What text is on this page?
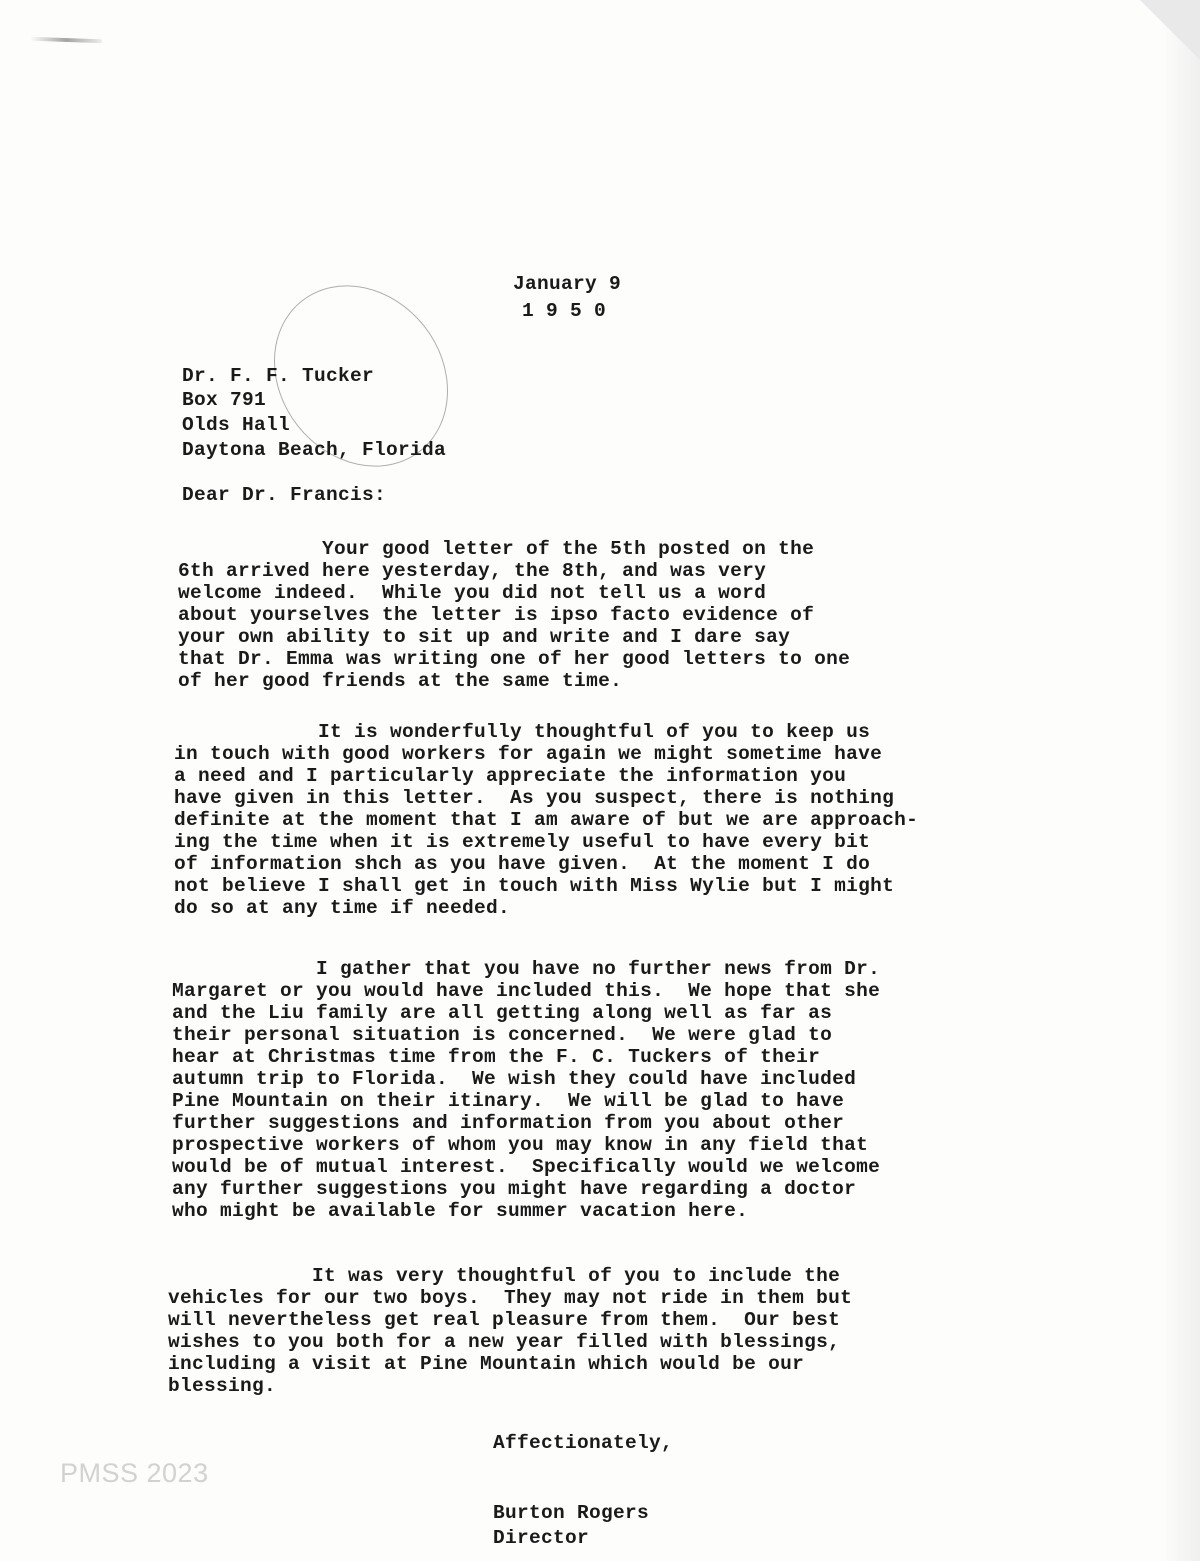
January 9
1 9 5 0
Dr. F. F. Tucker
Box 791
Olds Hall
Daytona Beach, Florida
Dear Dr. Francis:
Your good letter of the 5th posted on the
6th arrived here yesterday, the 8th, and was very
welcome indeed.  While you did not tell us a word
about yourselves the letter is ipso facto evidence of
your own ability to sit up and write and I dare say
that Dr. Emma was writing one of her good letters to one
of her good friends at the same time.
It is wonderfully thoughtful of you to keep us
in touch with good workers for again we might sometime have
a need and I particularly appreciate the information you
have given in this letter.  As you suspect, there is nothing
definite at the moment that I am aware of but we are approach-
ing the time when it is extremely useful to have every bit
of information shch as you have given.  At the moment I do
not believe I shall get in touch with Miss Wylie but I might
do so at any time if needed.
I gather that you have no further news from Dr.
Margaret or you would have included this.  We hope that she
and the Liu family are all getting along well as far as
their personal situation is concerned.  We were glad to
hear at Christmas time from the F. C. Tuckers of their
autumn trip to Florida.  We wish they could have included
Pine Mountain on their itinary.  We will be glad to have
further suggestions and information from you about other
prospective workers of whom you may know in any field that
would be of mutual interest.  Specifically would we welcome
any further suggestions you might have regarding a doctor
who might be available for summer vacation here.
It was very thoughtful of you to include the
vehicles for our two boys.  They may not ride in them but
will nevertheless get real pleasure from them.  Our best
wishes to you both for a new year filled with blessings,
including a visit at Pine Mountain which would be our
blessing.
Affectionately,
PMSS 2023
Burton Rogers
Director
